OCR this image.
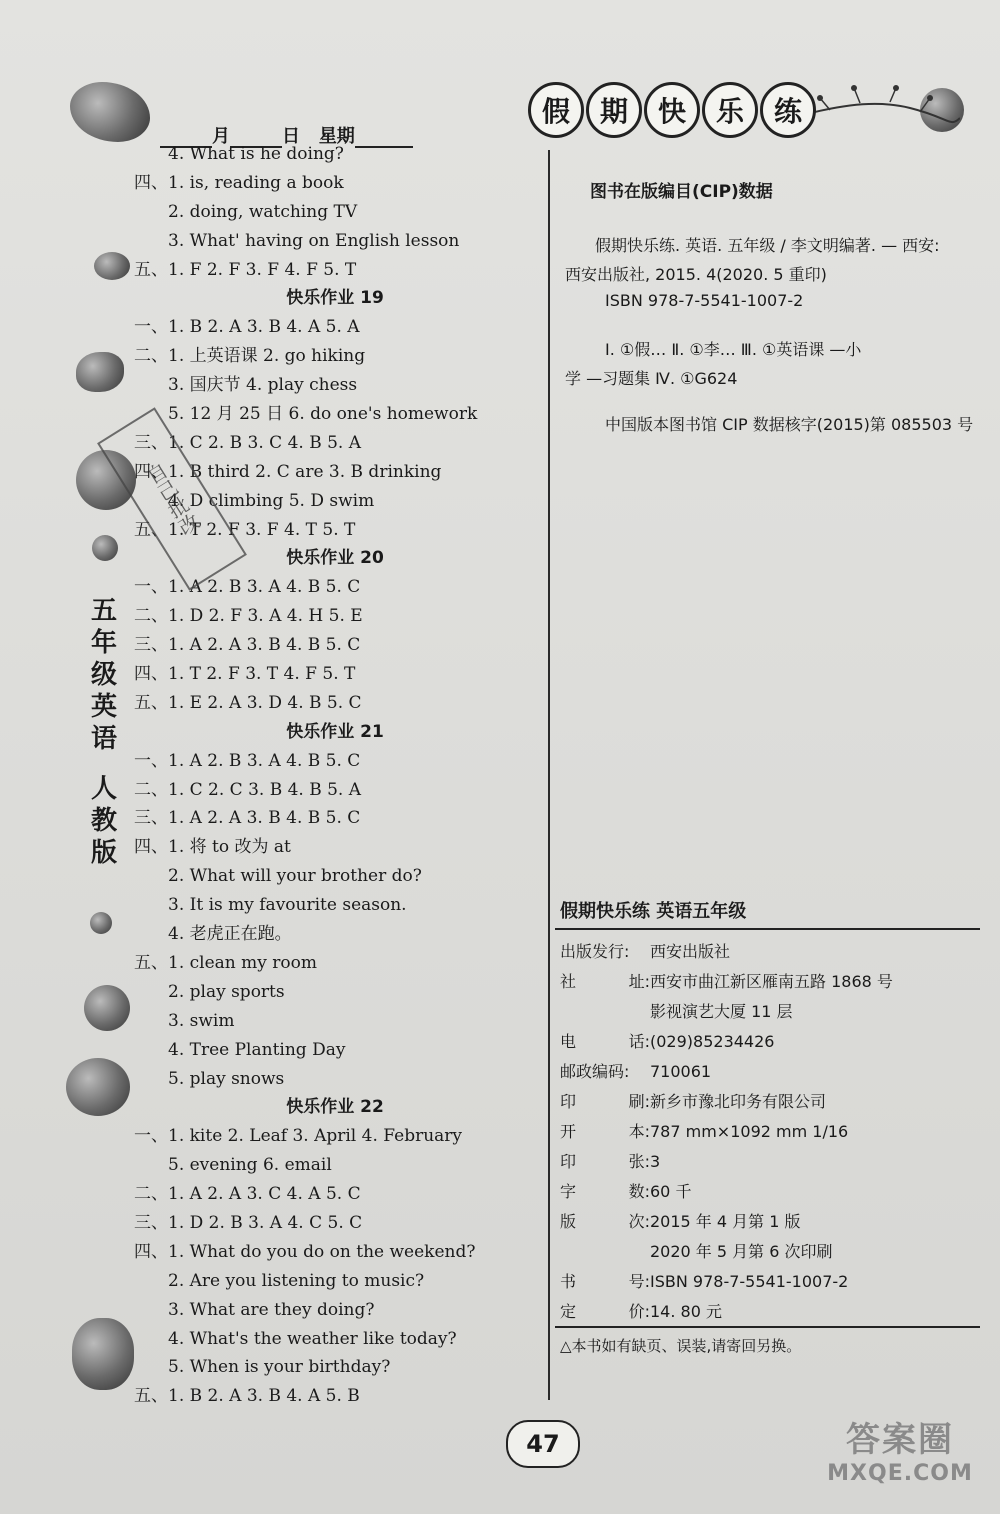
月	日 星期
假	期	快	乐	练
五
年
级
英
语
人
教
版
4. What is he doing?
四、1. is, reading a book
2. doing, watching TV
3. What' having on English lesson
五、1. F 2. F 3. F 4. F 5. T
快乐作业 19
一、1. B 2. A 3. B 4. A 5. A
二、1. 上英语课 2. go hiking
3. 国庆节 4. play chess
5. 12 月 25 日 6. do one's homework
三、1. C 2. B 3. C 4. B 5. A
四、1. B third 2. C are 3. B drinking
4. D climbing 5. D swim
五、1. T 2. F 3. F 4. T 5. T
快乐作业 20
一、1. A 2. B 3. A 4. B 5. C
二、1. D 2. F 3. A 4. H 5. E
三、1. A 2. A 3. B 4. B 5. C
四、1. T 2. F 3. T 4. F 5. T
五、1. E 2. A 3. D 4. B 5. C
快乐作业 21
一、1. A 2. B 3. A 4. B 5. C
二、1. C 2. C 3. B 4. B 5. A
三、1. A 2. A 3. B 4. B 5. C
四、1. 将 to 改为 at
2. What will your brother do?
3. It is my favourite season.
4. 老虎正在跑。
五、1. clean my room
2. play sports
3. swim
4. Tree Planting Day
5. play snows
快乐作业 22
一、1. kite 2. Leaf 3. April 4. February
5. evening 6. email
二、1. A 2. A 3. C 4. A 5. C
三、1. D 2. B 3. A 4. C 5. C
四、1. What do you do on the weekend?
2. Are you listening to music?
3. What are they doing?
4. What's the weather like today?
5. When is your birthday?
五、1. B 2. A 3. B 4. A 5. B
自己批改
图书在版编目(CIP)数据
假期快乐练. 英语. 五年级 / 李文明编著. — 西安:
西安出版社, 2015. 4(2020. 5 重印)
ISBN 978-7-5541-1007-2
Ⅰ. ①假… Ⅱ. ①李… Ⅲ. ①英语课 —小
学 —习题集 Ⅳ. ①G624
中国版本图书馆 CIP 数据核字(2015)第 085503 号
假期快乐练 英语五年级
出版发行: 西安出版社
社	址: 西安市曲江新区雁南五路 1868 号
影视演艺大厦 11 层
电	话: (029)85234426
邮政编码: 710061
印	刷: 新乡市豫北印务有限公司
开	本: 787 mm×1092 mm 1/16
印	张: 3
字	数: 60 千
版	次: 2015 年 4 月第 1 版
2020 年 5 月第 6 次印刷
书	号: ISBN 978-7-5541-1007-2
定	价: 14. 80 元
△本书如有缺页、误装,请寄回另换。
47	答案圈
MXQE.COM
